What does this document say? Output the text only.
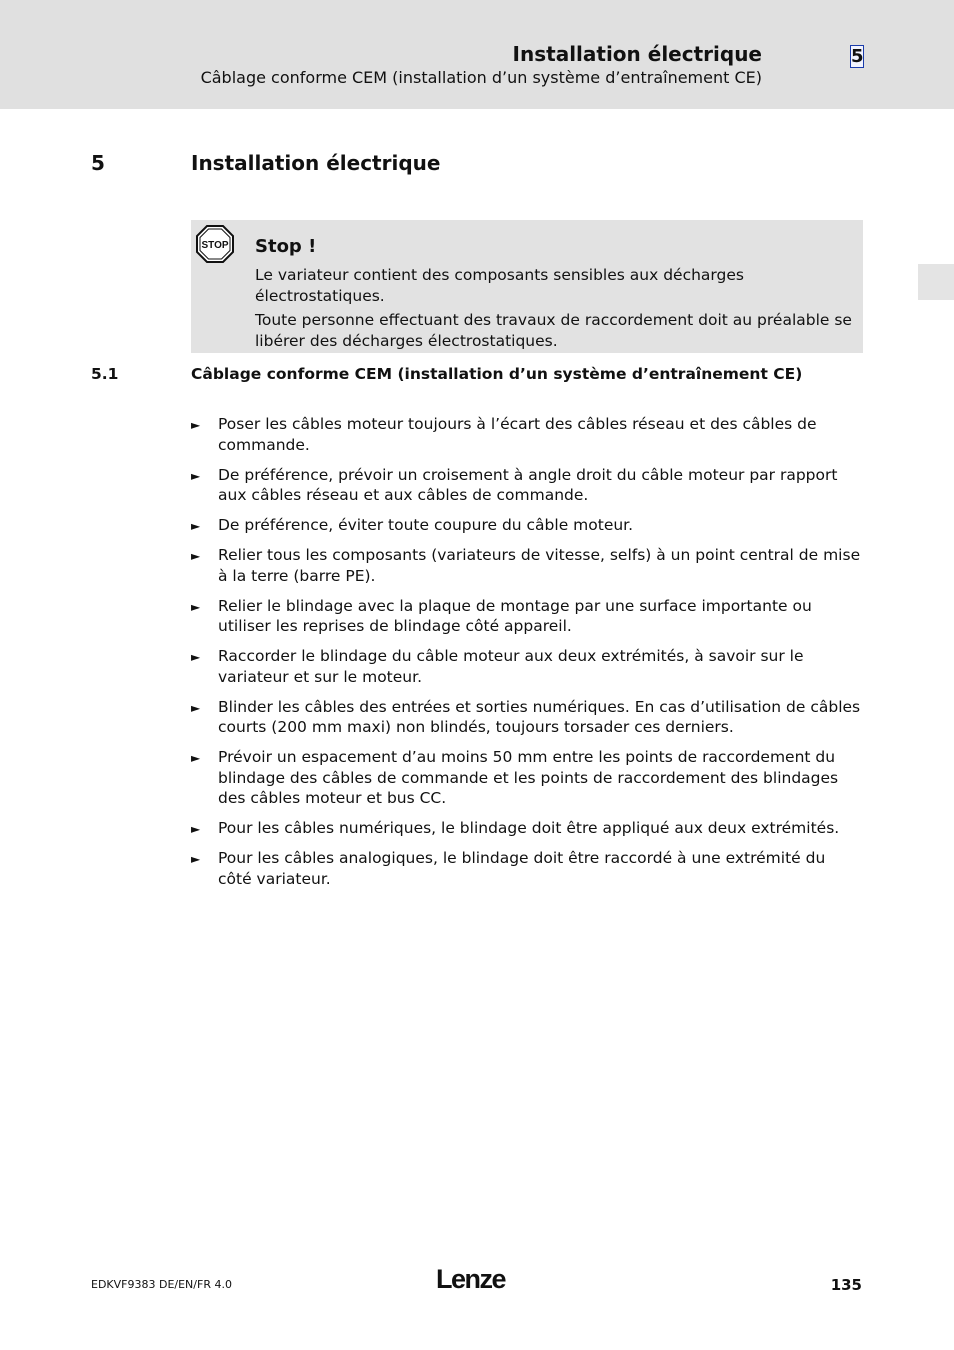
Installation électrique
Câblage conforme CEM (installation d’un système d’entraînement CE)
5
5	Installation électrique
STOP Stop !

Le variateur contient des composants sensibles aux décharges électrostatiques.

Toute personne effectuant des travaux de raccordement doit au préalable se libérer des décharges électrostatiques.

5.1	Câblage conforme CEM (installation d’un système d’entraînement CE)
► Poser les câbles moteur toujours à l’écart des câbles réseau et des câbles de commande.
► De préférence, prévoir un croisement à angle droit du câble moteur par rapport aux câbles réseau et aux câbles de commande.
► De préférence, éviter toute coupure du câble moteur.
► Relier tous les composants (variateurs de vitesse, selfs) à un point central de mise à la terre (barre PE).
► Relier le blindage avec la plaque de montage par une surface importante ou utiliser les reprises de blindage côté appareil.
► Raccorder le blindage du câble moteur aux deux extrémités, à savoir sur le variateur et sur le moteur.
► Blinder les câbles des entrées et sorties numériques. En cas d’utilisation de câbles courts (200 mm maxi) non blindés, toujours torsader ces derniers.
► Prévoir un espacement d’au moins 50 mm entre les points de raccordement du blindage des câbles de commande et les points de raccordement des blindages des câbles moteur et bus CC.
► Pour les câbles numériques, le blindage doit être appliqué aux deux extrémités.
► Pour les câbles analogiques, le blindage doit être raccordé à une extrémité du côté variateur.
EDKVF9383 DE/EN/FR 4.0	Lenze	135
